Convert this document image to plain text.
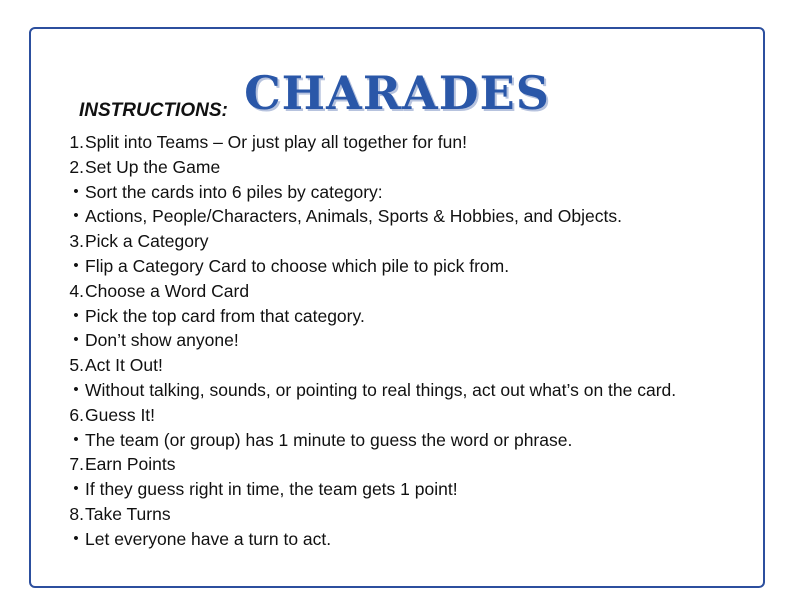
CHARADES
INSTRUCTIONS:
1. Split into Teams – Or just play all together for fun!
2. Set Up the Game
• Sort the cards into 6 piles by category:
• Actions, People/Characters, Animals, Sports & Hobbies, and Objects.
3. Pick a Category
• Flip a Category Card to choose which pile to pick from.
4. Choose a Word Card
• Pick the top card from that category.
• Don’t show anyone!
5. Act It Out!
• Without talking, sounds, or pointing to real things, act out what’s on the card.
6. Guess It!
• The team (or group) has 1 minute to guess the word or phrase.
7. Earn Points
• If they guess right in time, the team gets 1 point!
8. Take Turns
• Let everyone have a turn to act.
